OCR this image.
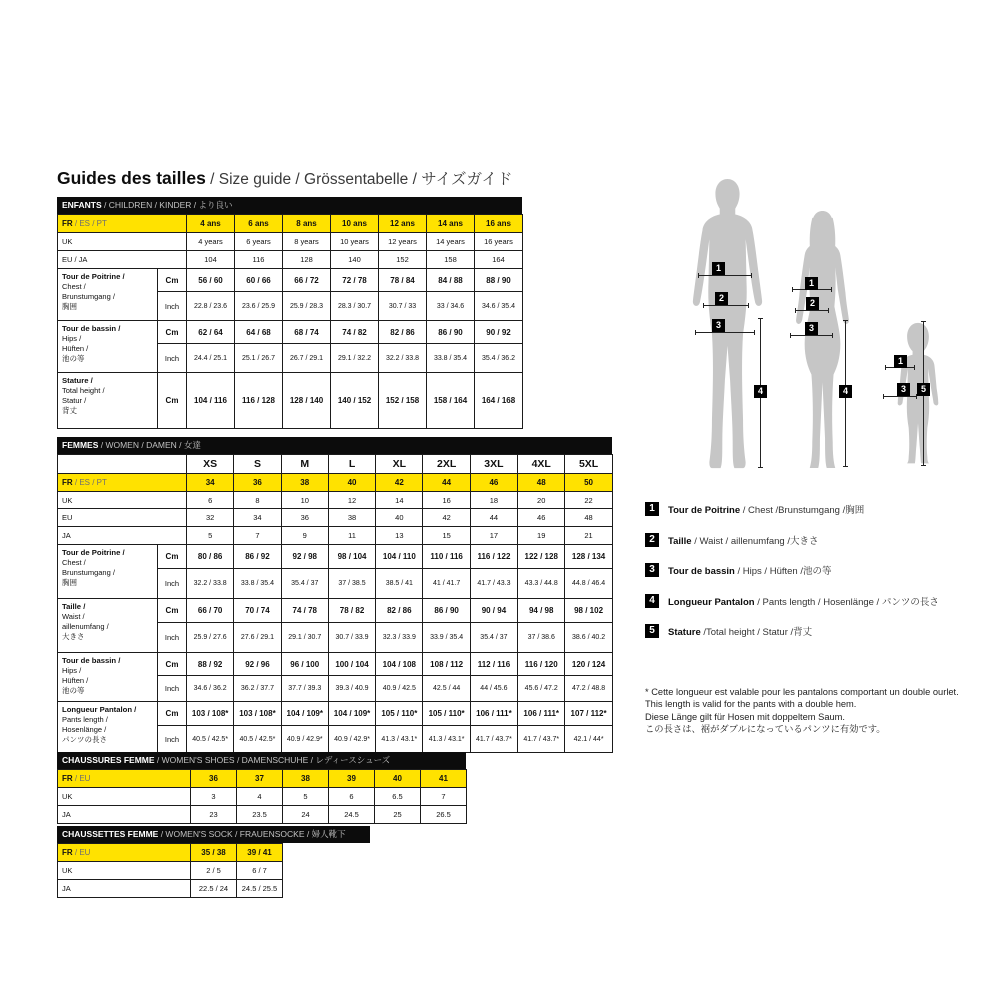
Guides des tailles / Size guide / Grössentabelle / サイズガイド
ENFANTS / CHILDREN / KINDER / より良い
FR / ES / PT		4 ans	6 ans	8 ans	10 ans	12 ans	14 ans	16 ans
UK		4 years	6 years	8 years	10 years	12 years	14 years	16 years
EU / JA		104	116	128	140	152	158	164

Tour de Poitrine /
Chest /
Brunstumgang /
胸囲	Cm	56 / 60	60 / 66	66 / 72	72 / 78	78 / 84	84 / 88	88 / 90
	Inch	22.8 / 23.6	23.6 / 25.9	25.9 / 28.3	28.3 / 30.7	30.7 / 33	33 / 34.6	34.6 / 35.4

Tour de bassin /
Hips /
Hüften /
池の等	Cm	62 / 64	64 / 68	68 / 74	74 / 82	82 / 86	86 / 90	90 / 92
	Inch	24.4 / 25.1	25.1 / 26.7	26.7 / 29.1	29.1 / 32.2	32.2 / 33.8	33.8 / 35.4	35.4 / 36.2

Stature /
Total height /
Statur /
背丈	Cm	104 / 116	116 / 128	128 / 140	140 / 152	152 / 158	158 / 164	164 / 168
FEMMES / WOMEN / DAMEN / 女達
		XS	S	M	L	XL	2XL	3XL	4XL	5XL
FR / ES / PT		34	36	38	40	42	44	46	48	50
UK		6	8	10	12	14	16	18	20	22
EU		32	34	36	38	40	42	44	46	48
JA		5	7	9	11	13	15	17	19	21

Tour de Poitrine /
Chest /
Brunstumgang /
胸囲	Cm	80 / 86	86 / 92	92 / 98	98 / 104	104 / 110	110 / 116	116 / 122	122 / 128	128 / 134
	Inch	32.2 / 33.8	33.8 / 35.4	35.4 / 37	37 / 38.5	38.5 / 41	41 / 41.7	41.7 / 43.3	43.3 / 44.8	44.8 / 46.4

Taille /
Waist /
aillenumfang /
大きさ	Cm	66 / 70	70 / 74	74 / 78	78 / 82	82 / 86	86 / 90	90 / 94	94 / 98	98 / 102
	Inch	25.9 / 27.6	27.6 / 29.1	29.1 / 30.7	30.7 / 33.9	32.3 / 33.9	33.9 / 35.4	35.4 / 37	37 / 38.6	38.6 / 40.2

Tour de bassin /
Hips /
Hüften /
池の等	Cm	88 / 92	92 / 96	96 / 100	100 / 104	104 / 108	108 / 112	112 / 116	116 / 120	120 / 124
	Inch	34.6 / 36.2	36.2 / 37.7	37.7 / 39.3	39.3 / 40.9	40.9 / 42.5	42.5 / 44	44 / 45.6	45.6 / 47.2	47.2 / 48.8

Longueur Pantalon /
Pants length /
Hosenlänge /
パンツの長さ	Cm	103 / 108*	103 / 108*	104 / 109*	104 / 109*	105 / 110*	105 / 110*	106 / 111*	106 / 111*	107 / 112*
	Inch	40.5 / 42.5*	40.5 / 42.5*	40.9 / 42.9*	40.9 / 42.9*	41.3 / 43.1*	41.3 / 43.1*	41.7 / 43.7*	41.7 / 43.7*	42.1 / 44*
CHAUSSURES FEMME / WOMEN'S SHOES / DAMENSCHUHE / レディースシューズ
FR / EU	36	37	38	39	40	41
UK	3	4	5	6	6.5	7
JA	23	23.5	24	24.5	25	26.5
CHAUSSETTES FEMME / WOMEN'S SOCK / FRAUENSOCKE / 婦人靴下
FR / EU	35 / 38	39 / 41
UK	2 / 5	6 / 7
JA	22.5 / 24	24.5 / 25.5
1	Tour de Poitrine / Chest /Brunstumgang /胸囲
2	Taille / Waist / aillenumfang /大きさ
3	Tour de bassin / Hips / Hüften /池の等
4	Longueur Pantalon / Pants length / Hosenlänge / パンツの長さ
5	Stature /Total height / Statur /背丈
* Cette longueur est valable pour les pantalons comportant un double ourlet.
This length is valid for the pants with a double hem.
Diese Länge gilt für Hosen mit doppeltem Saum.
この長さは、裾がダブルになっているパンツに有効です。
1
2
3
4
1
2
3
4
1
3	5
